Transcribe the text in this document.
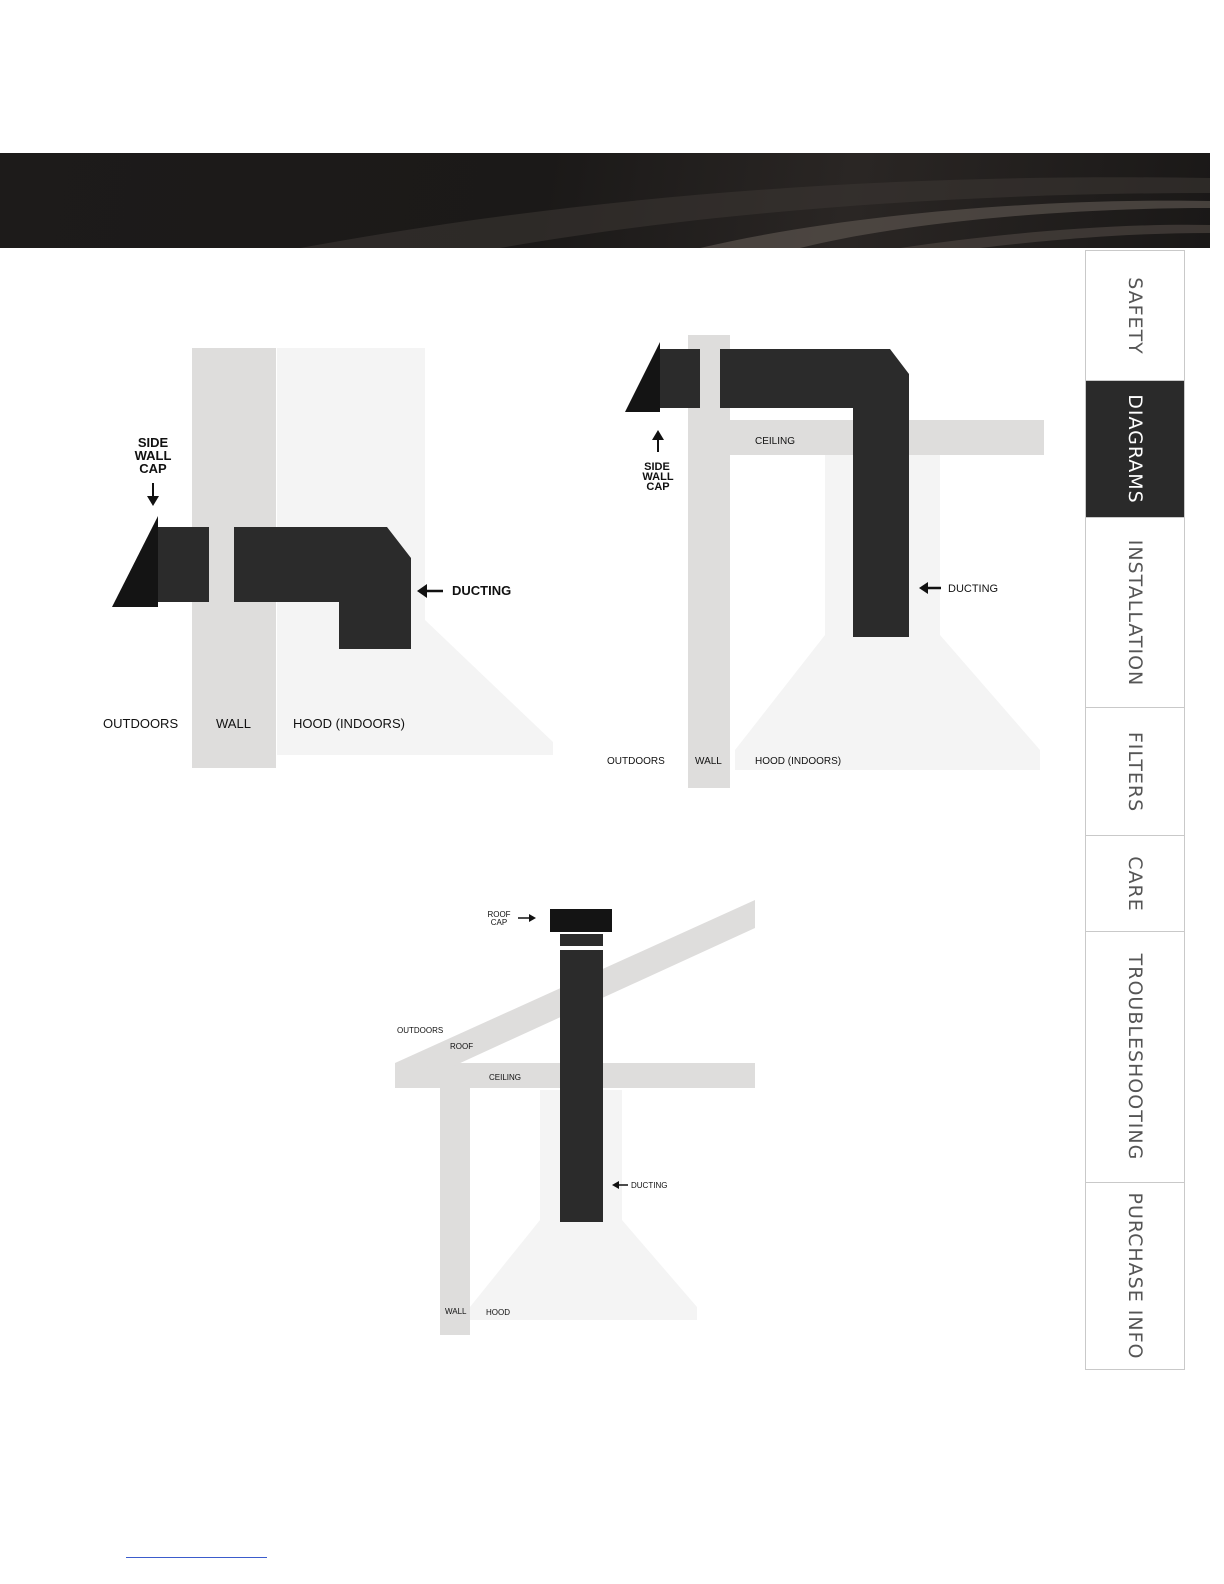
SAFETY
DIAGRAMS
INSTALLATION
FILTERS
CARE
TROUBLESHOOTING
PURCHASE INFO
SIDE
WALL
CAP
DUCTING
OUTDOORS	WALL	HOOD (INDOORS)
SIDE
WALL
CAP
CEILING
DUCTING
OUTDOORS	WALL	HOOD (INDOORS)
ROOF
CAP
OUTDOORS
ROOF
CEILING
DUCTING
WALL HOOD
